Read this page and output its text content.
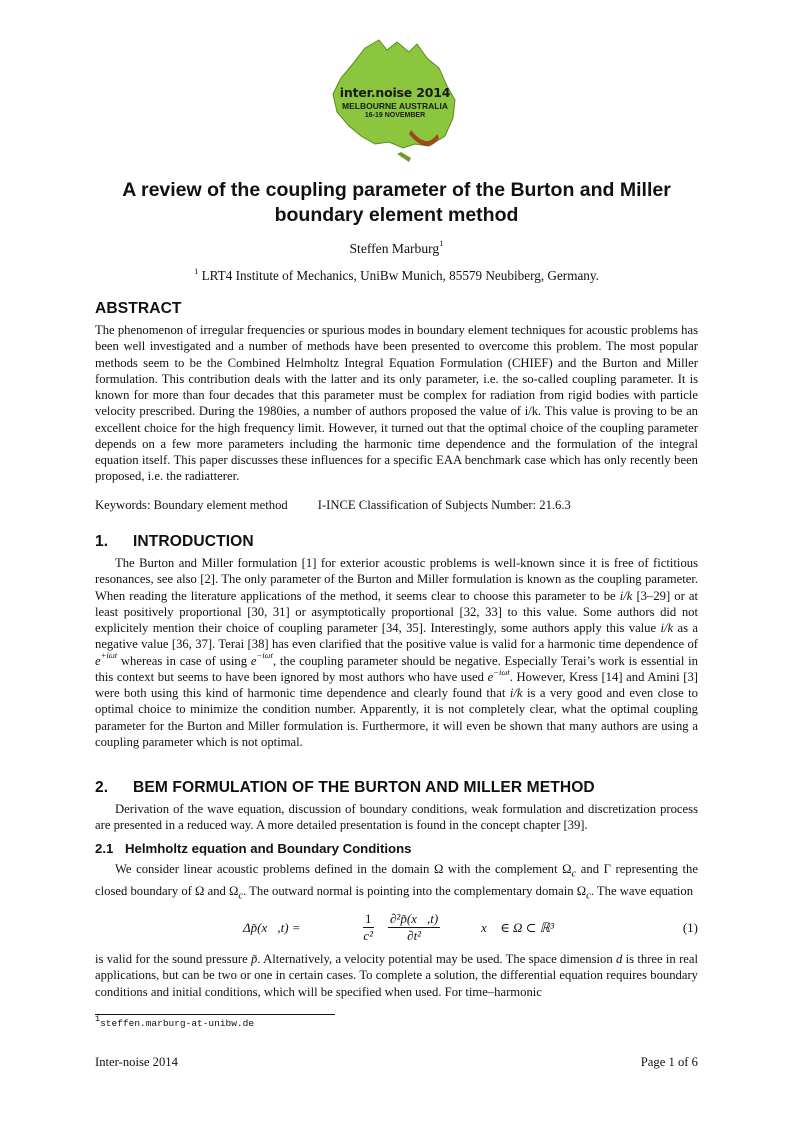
inter.noise 2014
MELBOURNE AUSTRALIA
16-19 NOVEMBER
A review of the coupling parameter of the Burton and Miller
boundary element method
Steffen Marburg$^1$
$^1$ LRT4 Institute of Mechanics, UniBw Munich, 85579 Neubiberg, Germany.
ABSTRACT
The phenomenon of irregular frequencies or spurious modes in boundary element techniques for acoustic problems has been well investigated and a number of methods have been presented to overcome this problem. The most popular methods seem to be the Combined Helmholtz Integral Equation Formulation (CHIEF) and the Burton and Miller formulation. This contribution deals with the latter and its only parameter, i.e. the so-called coupling parameter. It is known for more than four decades that this parameter must be complex for radiation from rigid bodies with particle velocity prescribed. During the 1980ies, a number of authors proposed the value of i/k. This value is proving to be an excellent choice for the high frequency limit. However, it turned out that the optimal choice of the coupling parameter depends on a few more parameters including the harmonic time dependence and the formulation of the integral equation itself. This paper discusses these influences for a specific EAA benchmark case which has only recently been proposed, i.e. the radiatterer.
Keywords: Boundary element method I-INCE Classification of Subjects Number: 21.6.3
1. INTRODUCTION
The Burton and Miller formulation [1] for exterior acoustic problems is well-known since it is free of fictitious resonances, see also [2]. The only parameter of the Burton and Miller formulation is known as the coupling parameter. When reading the literature applications of the method, it seems clear to choose this parameter to be i/k [3–29] or at least positively proportional [30, 31] or asymptotically proportional [32, 33] to this value. Some authors did not explicitely mention their choice of coupling parameter [34, 35]. Interestingly, some authors apply this value i/k as a negative value [36, 37]. Terai [38] has even clarified that the positive value is valid for a harmonic time dependence of $e^{+i\omega t}$ whereas in case of using $e^{-i\omega t}$, the coupling parameter should be negative. Especially Terai’s work is essential in this context but seems to have been ignored by most authors who have used $e^{-i\omega t}$. However, Kress [14] and Amini [3] were both using this kind of harmonic time dependence and clearly found that i/k is a very good and even close to optimal choice to minimize the condition number. Apparently, it is not completely clear, what the optimal coupling parameter for the Burton and Miller formulation is. Furthermore, it will even be shown that many authors are using a coupling parameter which is not optimal.
2. BEM FORMULATION OF THE BURTON AND MILLER METHOD
Derivation of the wave equation, discussion of boundary conditions, weak formulation and discretization process are presented in a reduced way. A more detailed presentation is found in the concept chapter [39].
2.1 Helmholtz equation and Boundary Conditions
We consider linear acoustic problems defined in the domain Ω with the complement $\Omega_c$ and Γ representing the closed boundary of Ω and $\Omega_c$. The outward normal is pointing into the complementary domain $\Omega_c$. The wave equation
Δp̃(x⃗,t) =	$\frac{1}{\text{c²}} \frac{\text{∂²p̃(x⃗,t)}}{\text{∂t²}}$	x⃗ ∈ Ω ⊂ ℝ³	(1)
is valid for the sound pressure p̃. Alternatively, a velocity potential may be used. The space dimension d is three in real applications, but can be two or one in certain cases. To complete a solution, the differential equation requires boundary conditions and initial conditions, which will be specified when used. For time–harmonic
$^1$steffen.marburg-at-unibw.de
Inter-noise 2014	Page 1 of 6
